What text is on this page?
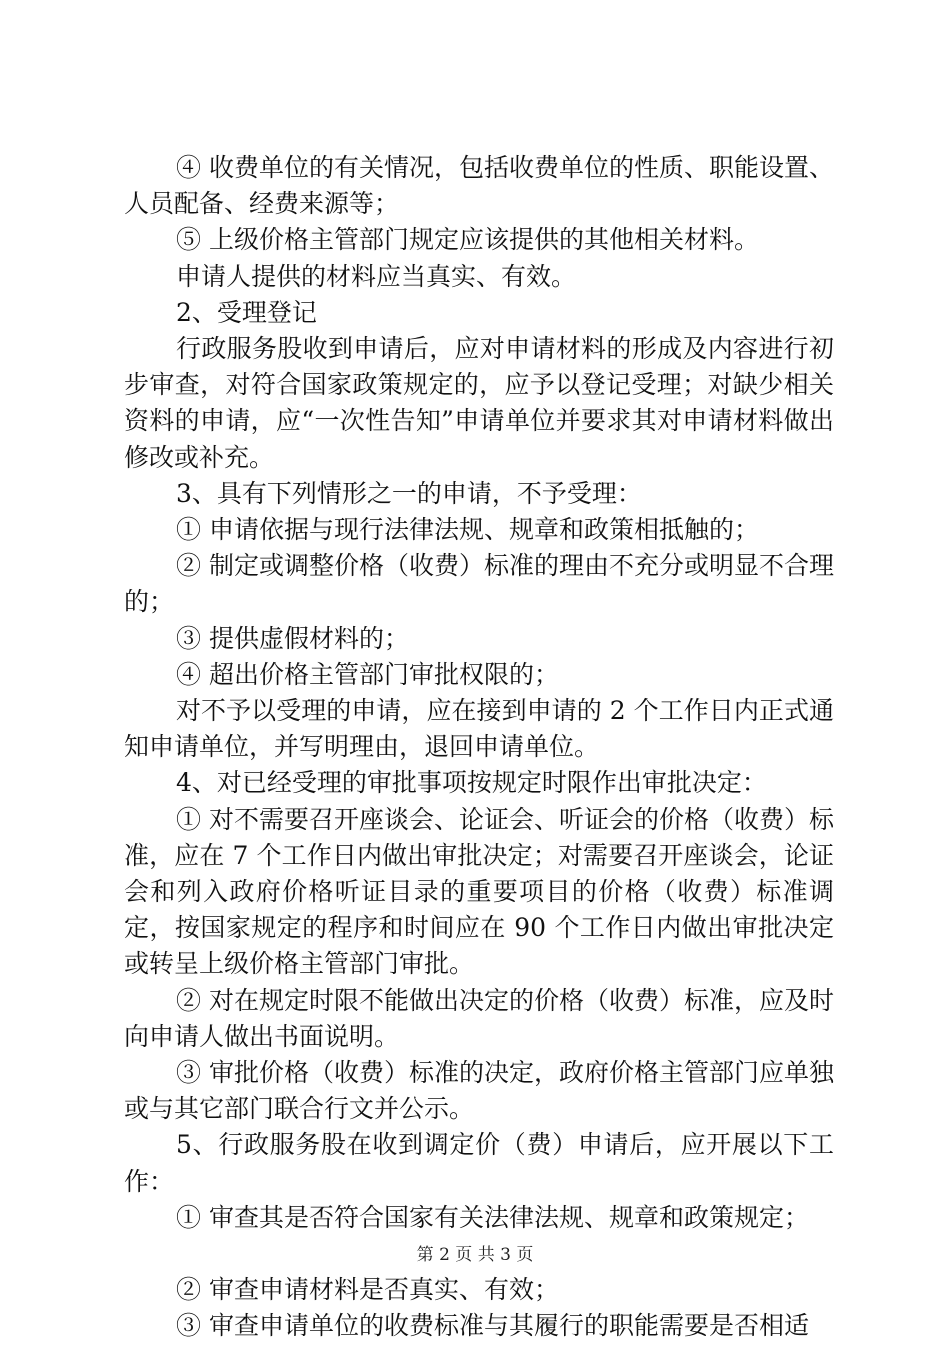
④ 收费单位的有关情况，包括收费单位的性质、职能设置、人员配备、经费来源等；

⑤ 上级价格主管部门规定应该提供的其他相关材料。

申请人提供的材料应当真实、有效。

2、受理登记

行政服务股收到申请后，应对申请材料的形成及内容进行初步审查，对符合国家政策规定的，应予以登记受理；对缺少相关资料的申请，应“一次性告知”申请单位并要求其对申请材料做出修改或补充。

3、具有下列情形之一的申请，不予受理：

① 申请依据与现行法律法规、规章和政策相抵触的；

② 制定或调整价格（收费）标准的理由不充分或明显不合理的；

③ 提供虚假材料的；

④ 超出价格主管部门审批权限的；

对不予以受理的申请，应在接到申请的 2 个工作日内正式通知申请单位，并写明理由，退回申请单位。

4、对已经受理的审批事项按规定时限作出审批决定：

① 对不需要召开座谈会、论证会、听证会的价格（收费）标准，应在 7 个工作日内做出审批决定；对需要召开座谈会，论证会和列入政府价格听证目录的重要项目的价格（收费）标准调定，按国家规定的程序和时间应在 90 个工作日内做出审批决定或转呈上级价格主管部门审批。

② 对在规定时限不能做出决定的价格（收费）标准，应及时向申请人做出书面说明。

③ 审批价格（收费）标准的决定，政府价格主管部门应单独或与其它部门联合行文并公示。

5、行政服务股在收到调定价（费）申请后，应开展以下工作：

① 审查其是否符合国家有关法律法规、规章和政策规定；

② 审查申请材料是否真实、有效；

③ 审查申请单位的收费标准与其履行的职能需要是否相适

第 2 页 共 3 页
